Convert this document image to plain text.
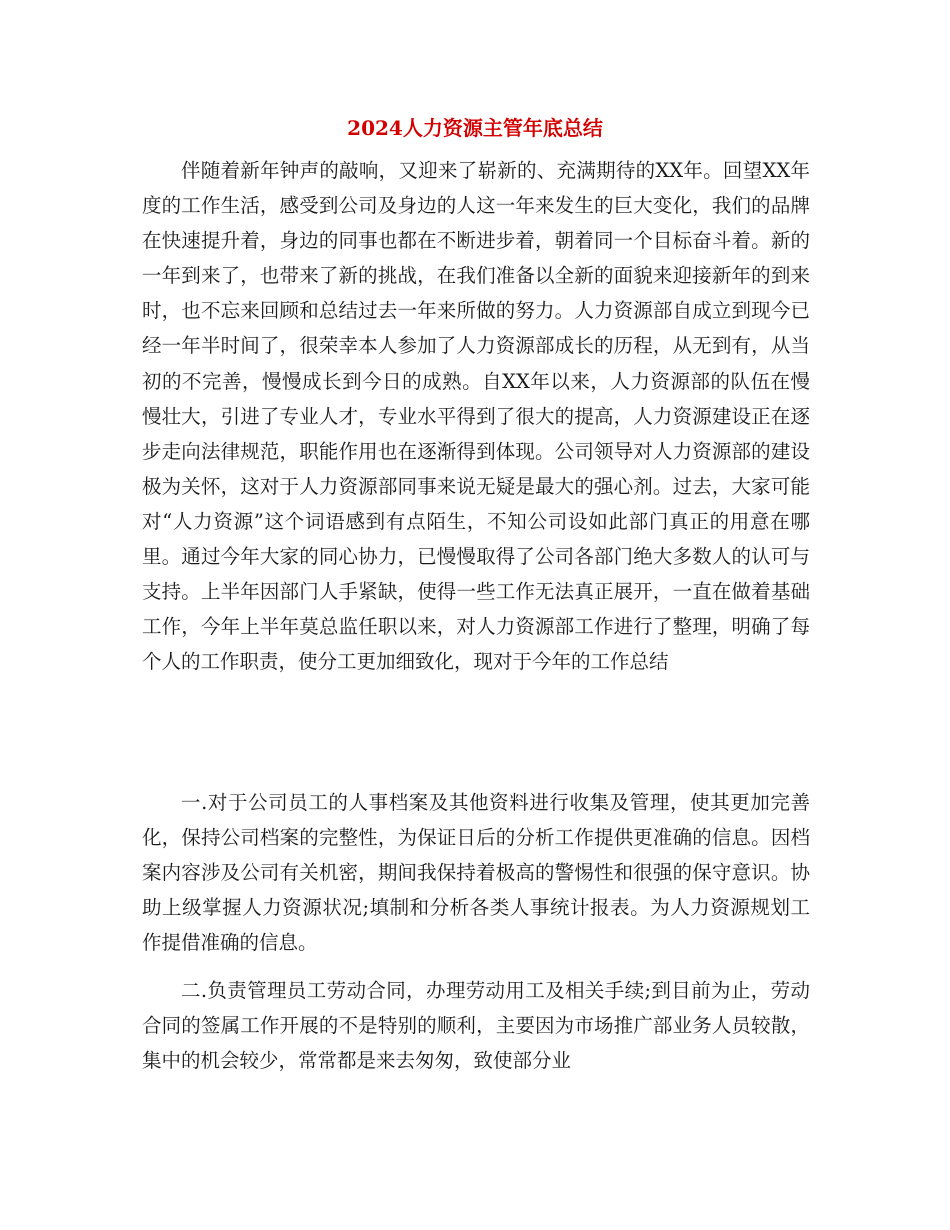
2024人力资源主管年底总结

伴随着新年钟声的敲响，又迎来了崭新的、充满期待的XX年。回望XX年度的工作生活，感受到公司及身边的人这一年来发生的巨大变化，我们的品牌在快速提升着，身边的同事也都在不断进步着，朝着同一个目标奋斗着。新的一年到来了，也带来了新的挑战，在我们准备以全新的面貌来迎接新年的到来时，也不忘来回顾和总结过去一年来所做的努力。人力资源部自成立到现今已经一年半时间了，很荣幸本人参加了人力资源部成长的历程，从无到有，从当初的不完善，慢慢成长到今日的成熟。自XX年以来，人力资源部的队伍在慢慢壮大，引进了专业人才，专业水平得到了很大的提高，人力资源建设正在逐步走向法律规范，职能作用也在逐渐得到体现。公司领导对人力资源部的建设极为关怀，这对于人力资源部同事来说无疑是最大的强心剂。过去，大家可能对“人力资源”这个词语感到有点陌生，不知公司设如此部门真正的用意在哪里。通过今年大家的同心协力，已慢慢取得了公司各部门绝大多数人的认可与支持。上半年因部门人手紧缺，使得一些工作无法真正展开，一直在做着基础工作，今年上半年莫总监任职以来，对人力资源部工作进行了整理，明确了每个人的工作职责，使分工更加细致化，现对于今年的工作总结

一.对于公司员工的人事档案及其他资料进行收集及管理，使其更加完善化，保持公司档案的完整性，为保证日后的分析工作提供更准确的信息。因档案内容涉及公司有关机密，期间我保持着极高的警惕性和很强的保守意识。协助上级掌握人力资源状况;填制和分析各类人事统计报表。为人力资源规划工作提借准确的信息。

二.负责管理员工劳动合同，办理劳动用工及相关手续;到目前为止，劳动合同的签属工作开展的不是特别的顺利，主要因为市场推广部业务人员较散，集中的机会较少，常常都是来去匆匆，致使部分业
